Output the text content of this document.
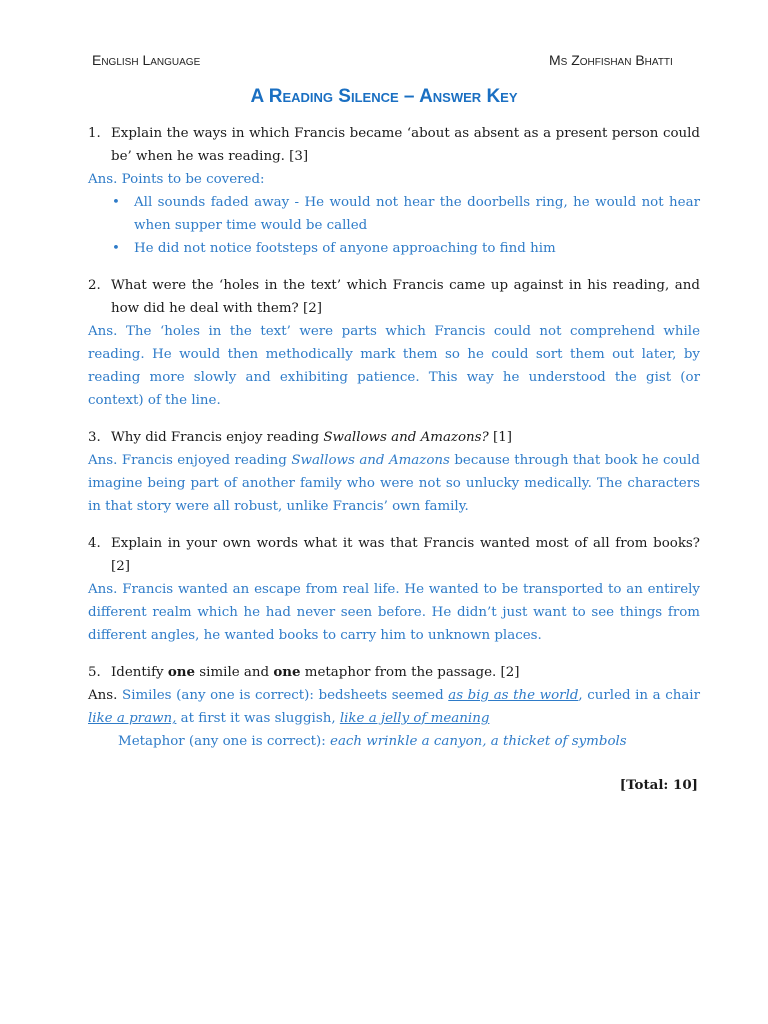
English Language	Ms Zohfishan Bhatti
A Reading Silence – Answer Key

1. Explain the ways in which Francis became ‘about as absent as a present person could be’ when he was reading. [3]

Ans. Points to be covered:

• All sounds faded away - He would not hear the doorbells ring, he would not hear when supper time would be called
• He did not notice footsteps of anyone approaching to find him

2. What were the ‘holes in the text’ which Francis came up against in his reading, and how did he deal with them? [2]

Ans. The ‘holes in the text’ were parts which Francis could not comprehend while reading. He would then methodically mark them so he could sort them out later, by reading more slowly and exhibiting patience. This way he understood the gist (or context) of the line.

3. Why did Francis enjoy reading Swallows and Amazons? [1]

Ans. Francis enjoyed reading Swallows and Amazons because through that book he could imagine being part of another family who were not so unlucky medically. The characters in that story were all robust, unlike Francis’ own family.

4. Explain in your own words what it was that Francis wanted most of all from books? [2]

Ans. Francis wanted an escape from real life. He wanted to be transported to an entirely different realm which he had never seen before. He didn’t just want to see things from different angles, he wanted books to carry him to unknown places.

5. Identify one simile and one metaphor from the passage. [2]

Ans. Similes (any one is correct): bedsheets seemed as big as the world, curled in a chair like a prawn, at first it was sluggish, like a jelly of meaning

Metaphor (any one is correct): each wrinkle a canyon, a thicket of symbols

[Total: 10]
